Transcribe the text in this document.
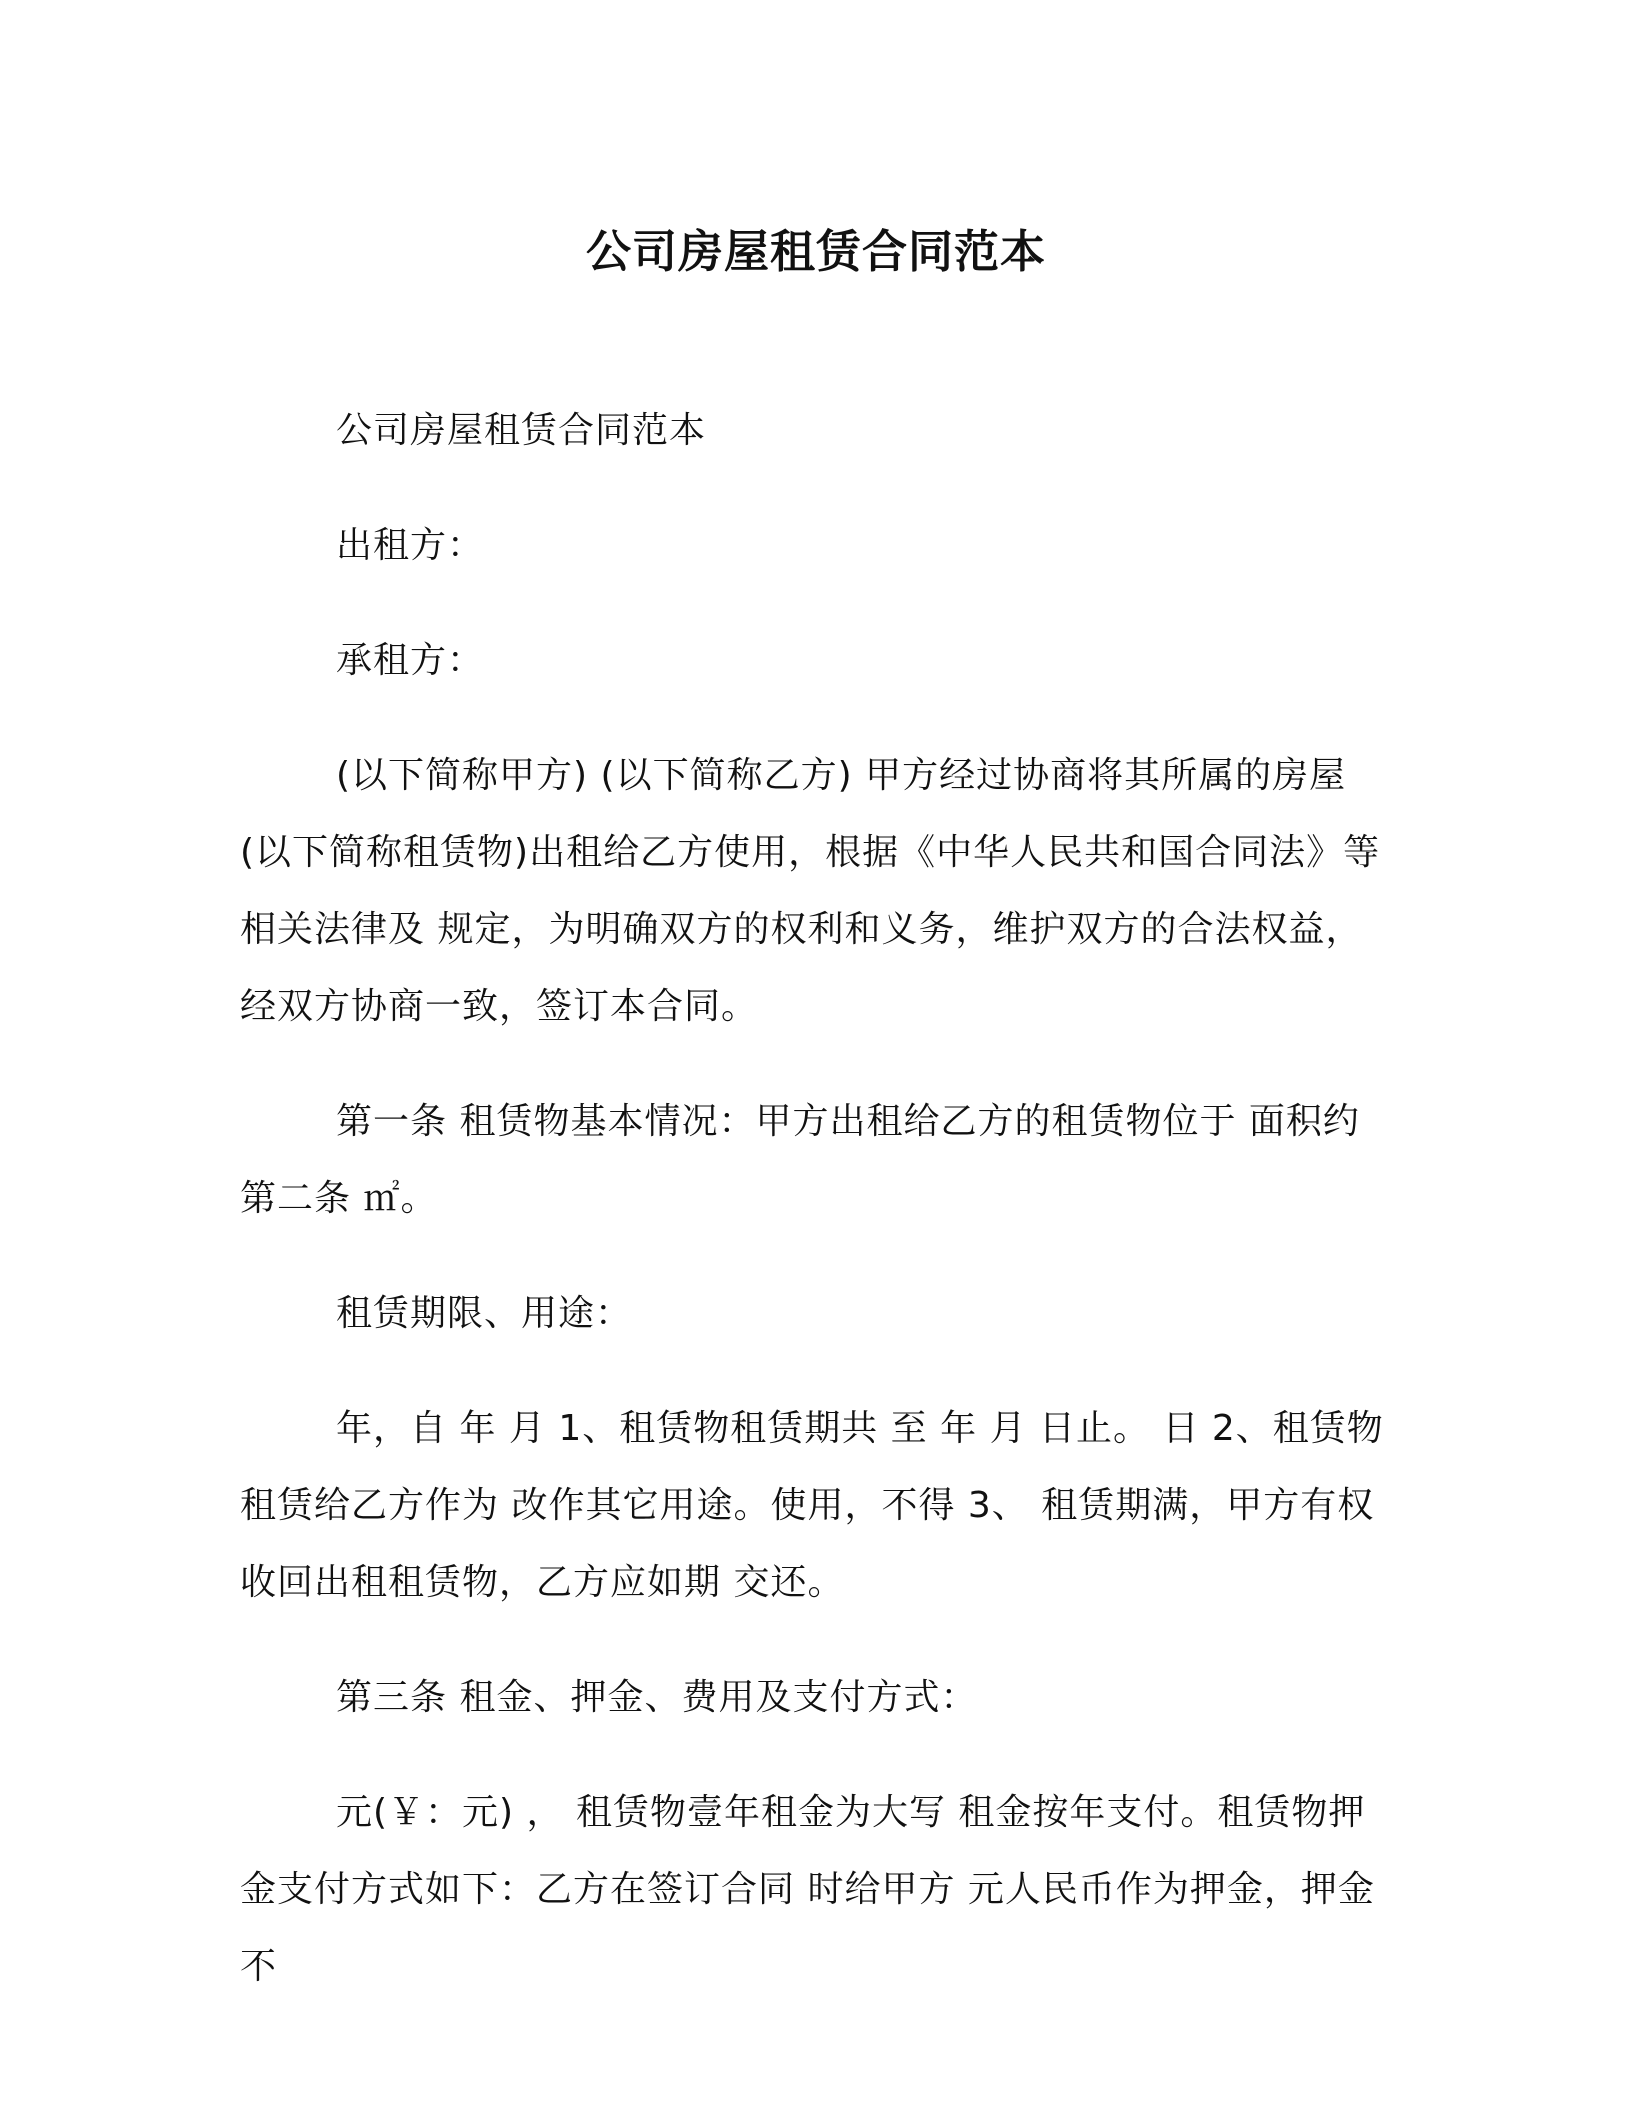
公司房屋租赁合同范本

公司房屋租赁合同范本

出租方：

承租方：

(以下简称甲方) (以下简称乙方) 甲方经过协商将其所属的房屋(以下简称租赁物)出租给乙方使用，根据《中华人民共和国合同法》等相关法律及 规定，为明确双方的权利和义务，维护双方的合法权益，经双方协商一致，签订本合同。

第一条 租赁物基本情况：甲方出租给乙方的租赁物位于 面积约 第二条 ㎡。

租赁期限、用途：

年，自 年 月 1、租赁物租赁期共 至 年 月 日止。 日 2、租赁物租赁给乙方作为 改作其它用途。使用，不得 3、 租赁期满，甲方有权收回出租租赁物，乙方应如期 交还。

第三条 租金、押金、费用及支付方式：

元(￥：元) ， 租赁物壹年租金为大写 租金按年支付。租赁物押金支付方式如下：乙方在签订合同 时给甲方 元人民币作为押金，押金不
